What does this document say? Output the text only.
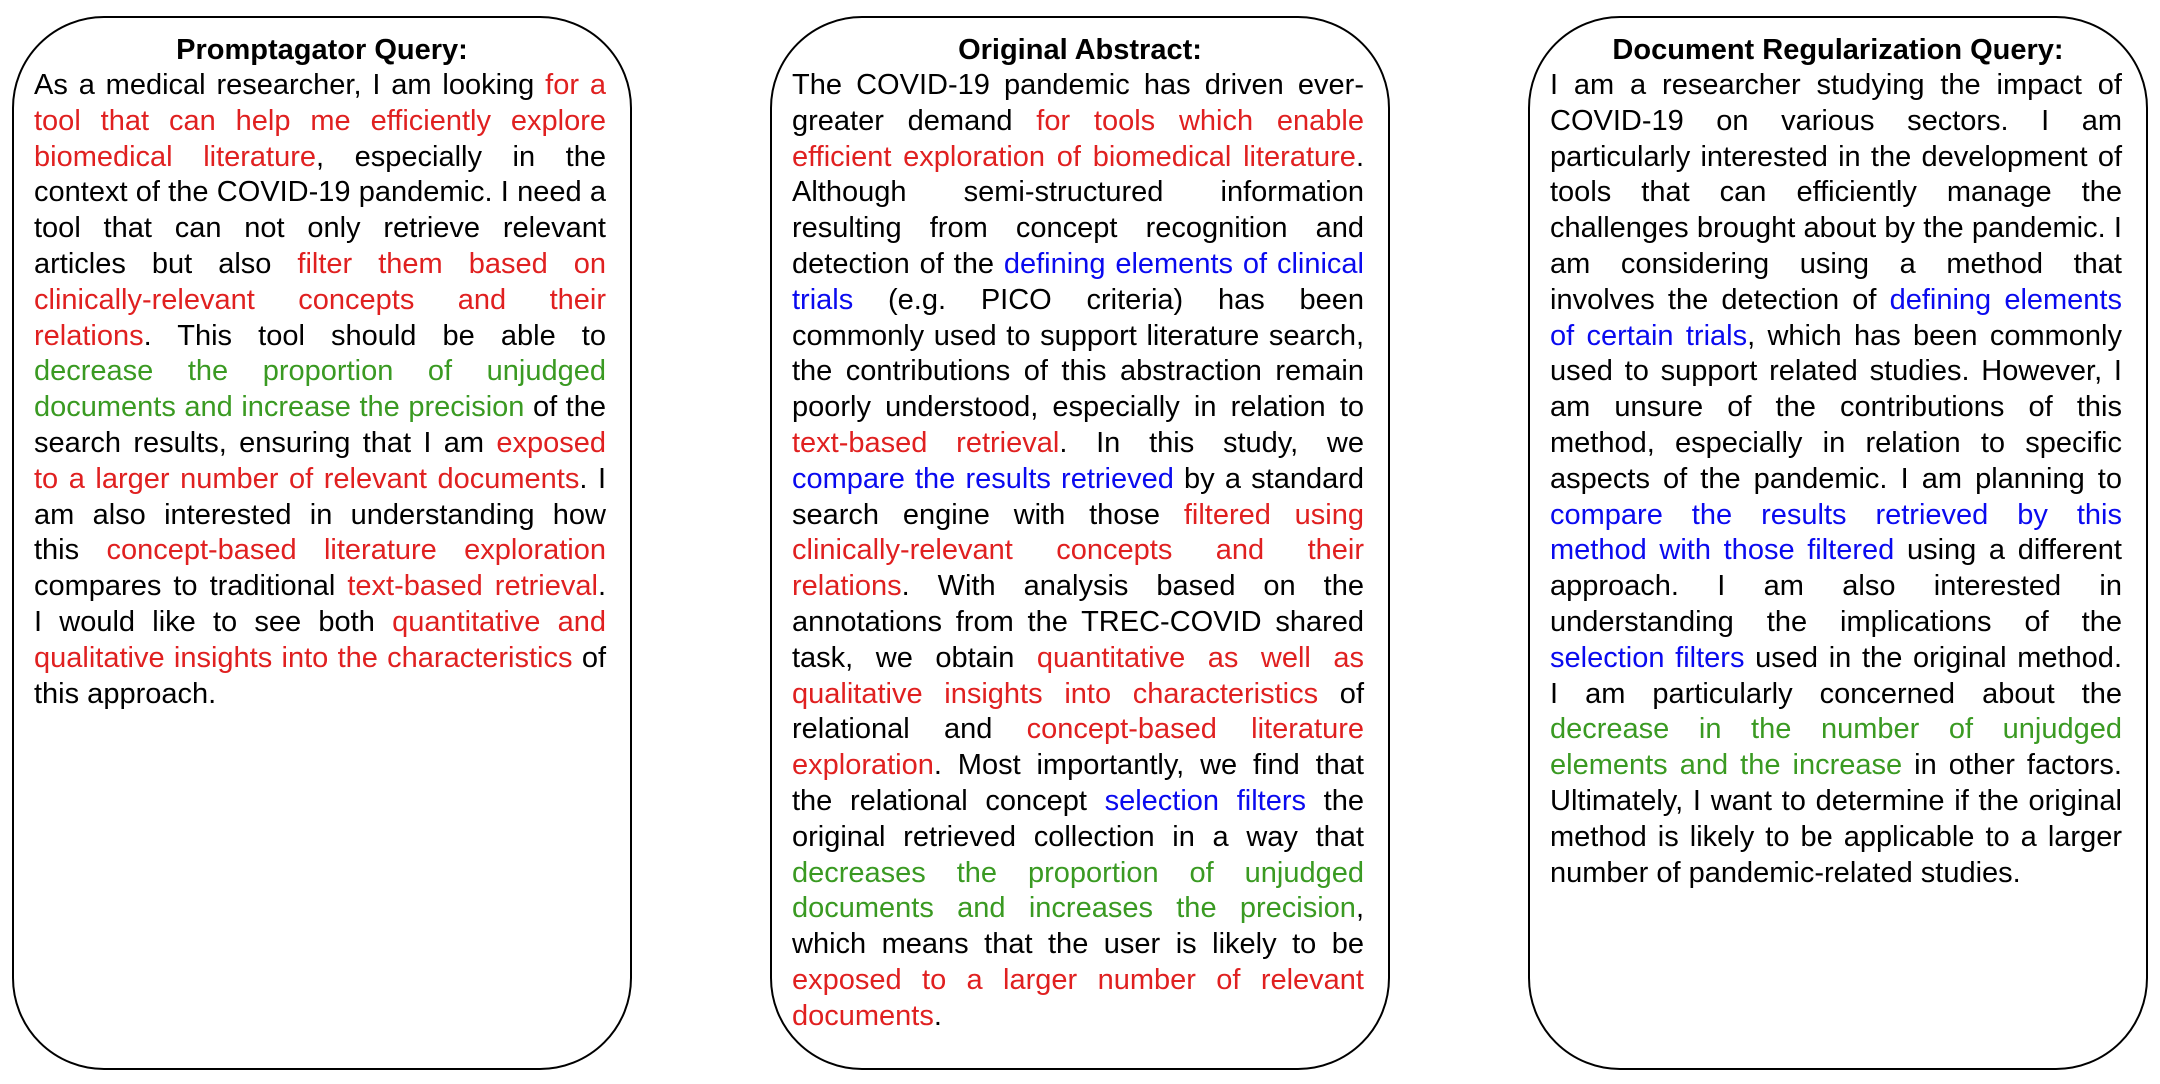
Promptagator Query:
As a medical researcher, I am looking for a tool that can help me efficiently explore biomedical literature, especially in the context of the COVID-19 pandemic. I need a tool that can not only retrieve relevant articles but also filter them based on clinically-relevant concepts and their relations. This tool should be able to decrease the proportion of unjudged documents and increase the precision of the search results, ensuring that I am exposed to a larger number of relevant documents. I am also interested in understanding how this concept-based literature exploration compares to traditional text-based retrieval. I would like to see both quantitative and qualitative insights into the characteristics of this approach.
Original Abstract:
The COVID-19 pandemic has driven ever-greater demand for tools which enable efficient exploration of biomedical literature. Although semi-structured information resulting from concept recognition and detection of the defining elements of clinical trials (e.g. PICO criteria) has been commonly used to support literature search, the contributions of this abstraction remain poorly understood, especially in relation to text-based retrieval. In this study, we compare the results retrieved by a standard search engine with those filtered using clinically-relevant concepts and their relations. With analysis based on the annotations from the TREC-COVID shared task, we obtain quantitative as well as qualitative insights into characteristics of relational and concept-based literature exploration. Most importantly, we find that the relational concept selection filters the original retrieved collection in a way that decreases the proportion of unjudged documents and increases the precision, which means that the user is likely to be exposed to a larger number of relevant documents.
Document Regularization Query:
I am a researcher studying the impact of COVID-19 on various sectors. I am particularly interested in the development of tools that can efficiently manage the challenges brought about by the pandemic. I am considering using a method that involves the detection of defining elements of certain trials, which has been commonly used to support related studies. However, I am unsure of the contributions of this method, especially in relation to specific aspects of the pandemic. I am planning to compare the results retrieved by this method with those filtered using a different approach. I am also interested in understanding the implications of the selection filters used in the original method. I am particularly concerned about the decrease in the number of unjudged elements and the increase in other factors. Ultimately, I want to determine if the original method is likely to be applicable to a larger number of pandemic-related studies.
